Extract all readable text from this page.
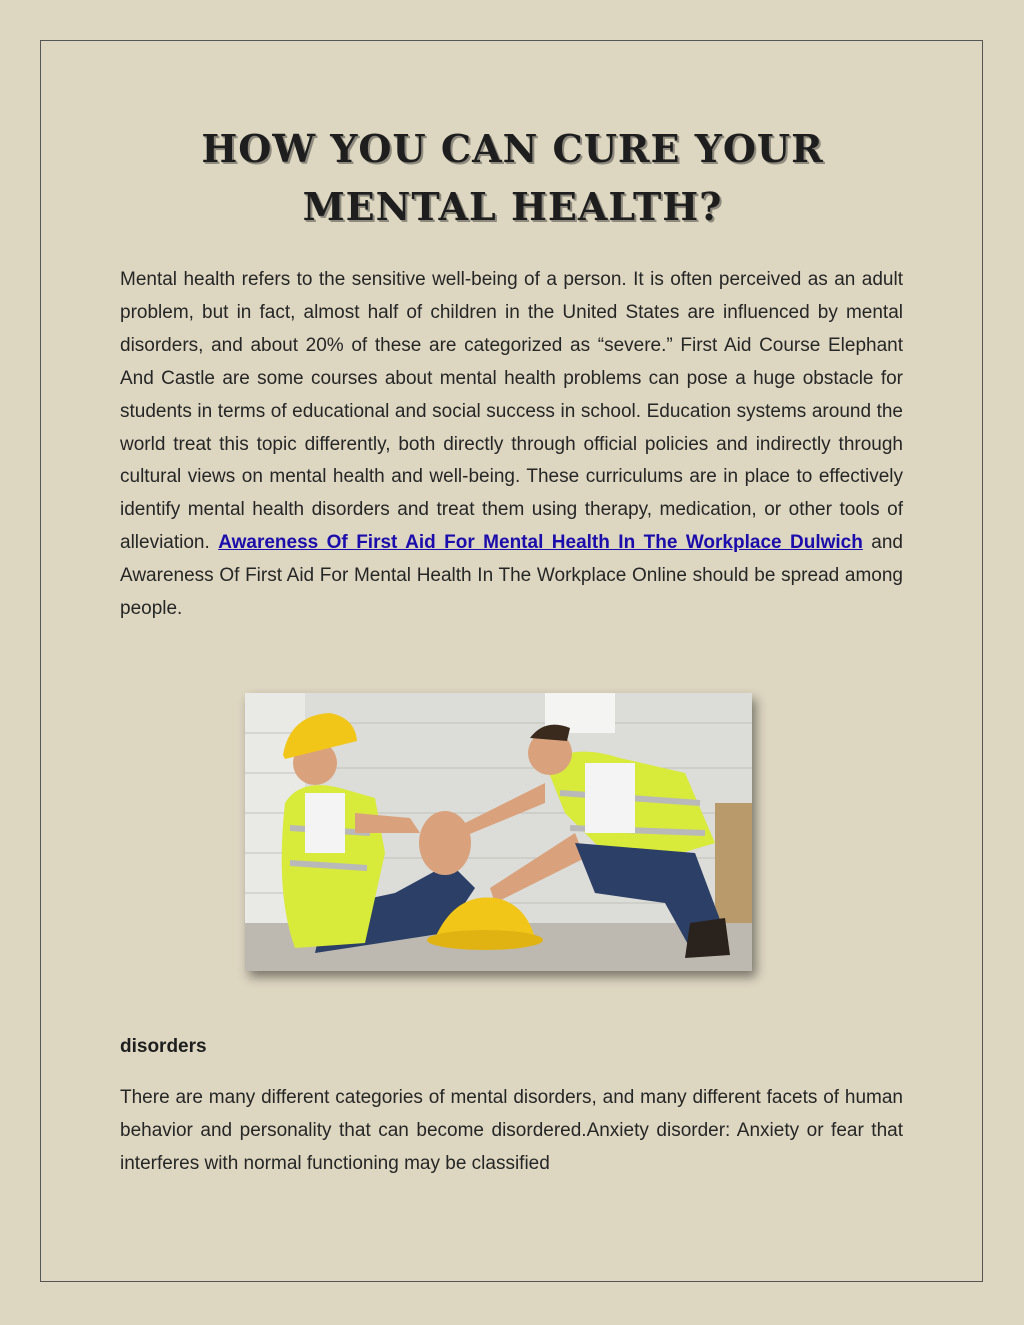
HOW YOU CAN CURE YOUR MENTAL HEALTH?

Mental health refers to the sensitive well-being of a person. It is often perceived as an adult problem, but in fact, almost half of children in the United States are influenced by mental disorders, and about 20% of these are categorized as “severe.” First Aid Course Elephant And Castle are some courses about mental health problems can pose a huge obstacle for students in terms of educational and social success in school. Education systems around the world treat this topic differently, both directly through official policies and indirectly through cultural views on mental health and well-being. These curriculums are in place to effectively identify mental health disorders and treat them using therapy, medication, or other tools of alleviation. Awareness Of First Aid For Mental Health In The Workplace Dulwich and Awareness Of First Aid For Mental Health In The Workplace Online should be spread among people.

disorders

There are many different categories of mental disorders, and many different facets of human behavior and personality that can become disordered.Anxiety disorder: Anxiety or fear that interferes with normal functioning may be classified
